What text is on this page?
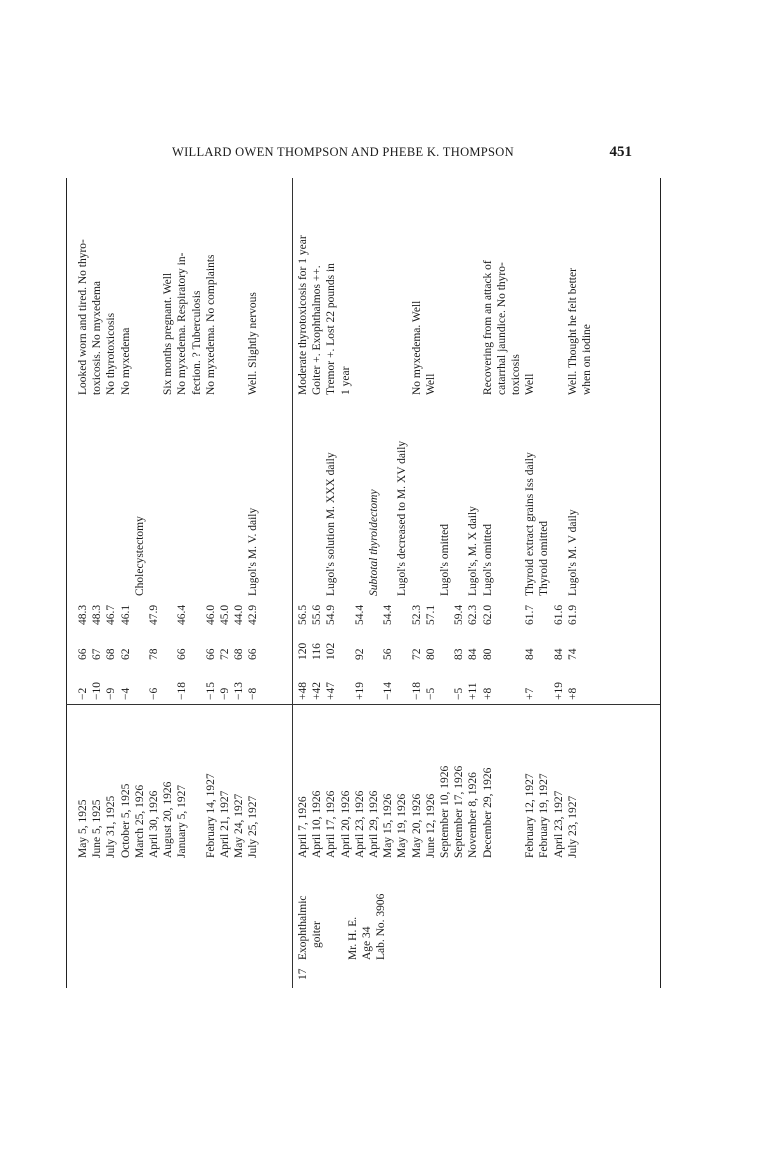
WILLARD OWEN THOMPSON AND PHEBE K. THOMPSON	451
May 5, 1925
−2
66
48.3
Looked worn and tired. No thyro-
June 5, 1925
−10
67
48.3
toxicosis. No myxedema
July 31, 1925
−9
68
46.7
No thyrotoxicosis
October 5, 1925
−4
62
46.1
No myxedema
March 25, 1926
Cholecystectomy
April 30, 1926
−6
78
47.9
August 20, 1926
Six months pregnant. Well
January 5, 1927
−18
66
46.4
No myxedema. Respiratory in- fection. ? Tuberculosis
February 14, 1927
−15
66
46.0
No myxedema. No complaints
April 21, 1927
−9
72
45.0
May 24, 1927
−13
68
44.0
July 25, 1927
−8
66
42.9
Lugol's M. V. daily
Well. Slightly nervous
April 7, 1926
+48
120
56.5
Moderate thyrotoxicosis for 1 year
April 10, 1926
+42
116
55.6
Goiter +. Exophthalmos ++.
April 17, 1926
+47
102
54.9
Lugol's solution M. XXX daily
Tremor +. Lost 22 pounds in
April 20, 1926
1 year
April 23, 1926
+19
92
54.4
April 29, 1926
Subtotal thyroidectomy
May 15, 1926
−14
56
54.4
May 19, 1926
Lugol's decreased to M. XV daily
May 20, 1926
−18
72
52.3
No myxedema. Well
June 12, 1926
−5
80
57.1
Well
September 10, 1926
Lugol's omitted
September 17, 1926
−5
83
59.4
November 8, 1926
+11
84
62.3
Lugol's, M. X daily
December 29, 1926
+8
80
62.0
Lugol's omitted
Recovering from an attack of catarrhal jaundice. No thyro- toxicosis
February 12, 1927
+7
84
61.7
Thyroid extract grains Iss daily
Well
February 19, 1927
Thyroid omitted
April 23, 1927
+19
84
61.6
July 23, 1927
+8
74
61.9
Lugol's M. V daily
Well. Thought he felt better when on iodine
17
Exophthalmic goiter Mr. H. E. Age 34 Lab. No. 3906
